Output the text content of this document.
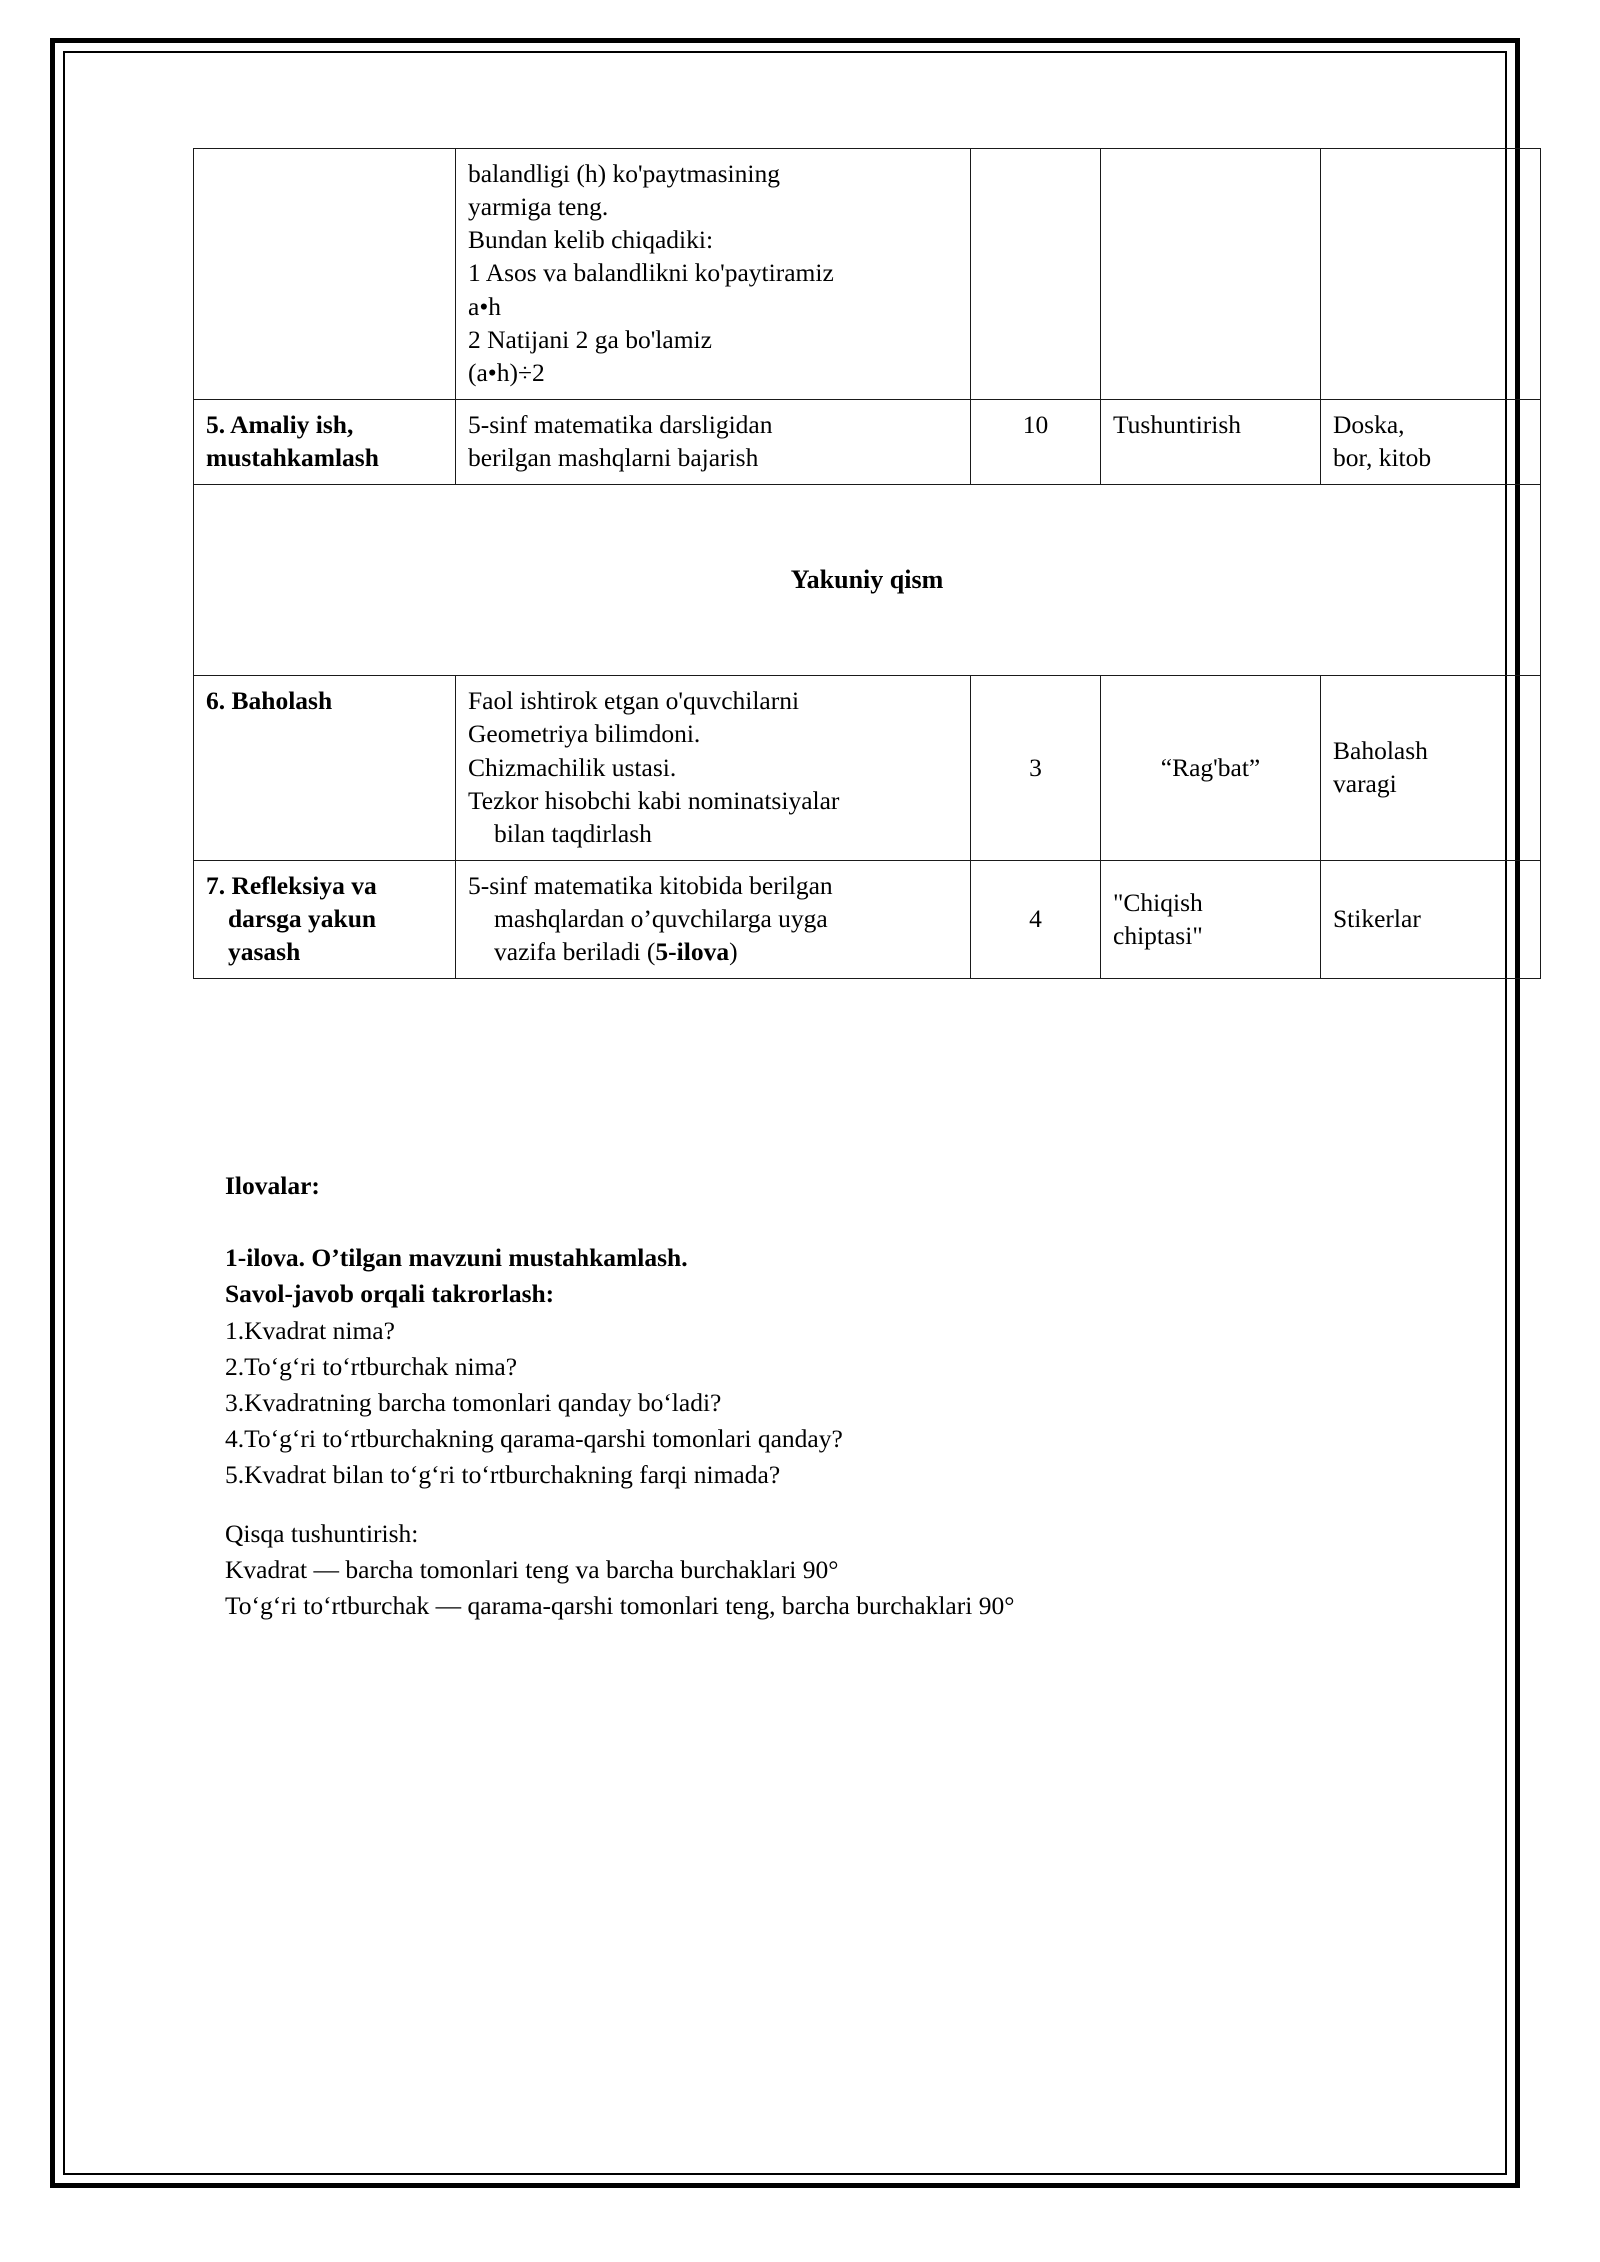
balandligi (h) ko'paytmasining
yarmiga teng.
Bundan kelib chiqadiki:
1 Asos va balandlikni ko'paytiramiz
a•h
2 Natijani 2 ga bo'lamiz
(a•h)÷2

5. Amaliy ish,
mustahkamlash	5-sinf matematika darsligidan
berilgan mashqlarni bajarish	10	Tushuntirish	Doska,
bor, kitob

Yakuniy qism				

6. Baholash	Faol ishtirok etgan o'quvchilarni
Geometriya bilimdoni.
Chizmachilik ustasi.
Tezkor hisobchi kabi nominatsiyalar
bilan taqdirlash	3	“Rag'bat”	Baholash
varagi

7. Refleksiya va
darsga yakun
yasash	5-sinf matematika kitobida berilgan
mashqlardan o’quvchilarga uyga
vazifa beriladi (5-ilova)	4	"Chiqish
chiptasi"	Stikerlar

Ilovalar:

1-ilova. O’tilgan mavzuni mustahkamlash.

Savol-javob orqali takrorlash:

1.Kvadrat nima?

2.To‘g‘ri to‘rtburchak nima?

3.Kvadratning barcha tomonlari qanday bo‘ladi?

4.To‘g‘ri to‘rtburchakning qarama-qarshi tomonlari qanday?

5.Kvadrat bilan to‘g‘ri to‘rtburchakning farqi nimada?

Qisqa tushuntirish:

Kvadrat — barcha tomonlari teng va barcha burchaklari 90°

To‘g‘ri to‘rtburchak — qarama-qarshi tomonlari teng, barcha burchaklari 90°
